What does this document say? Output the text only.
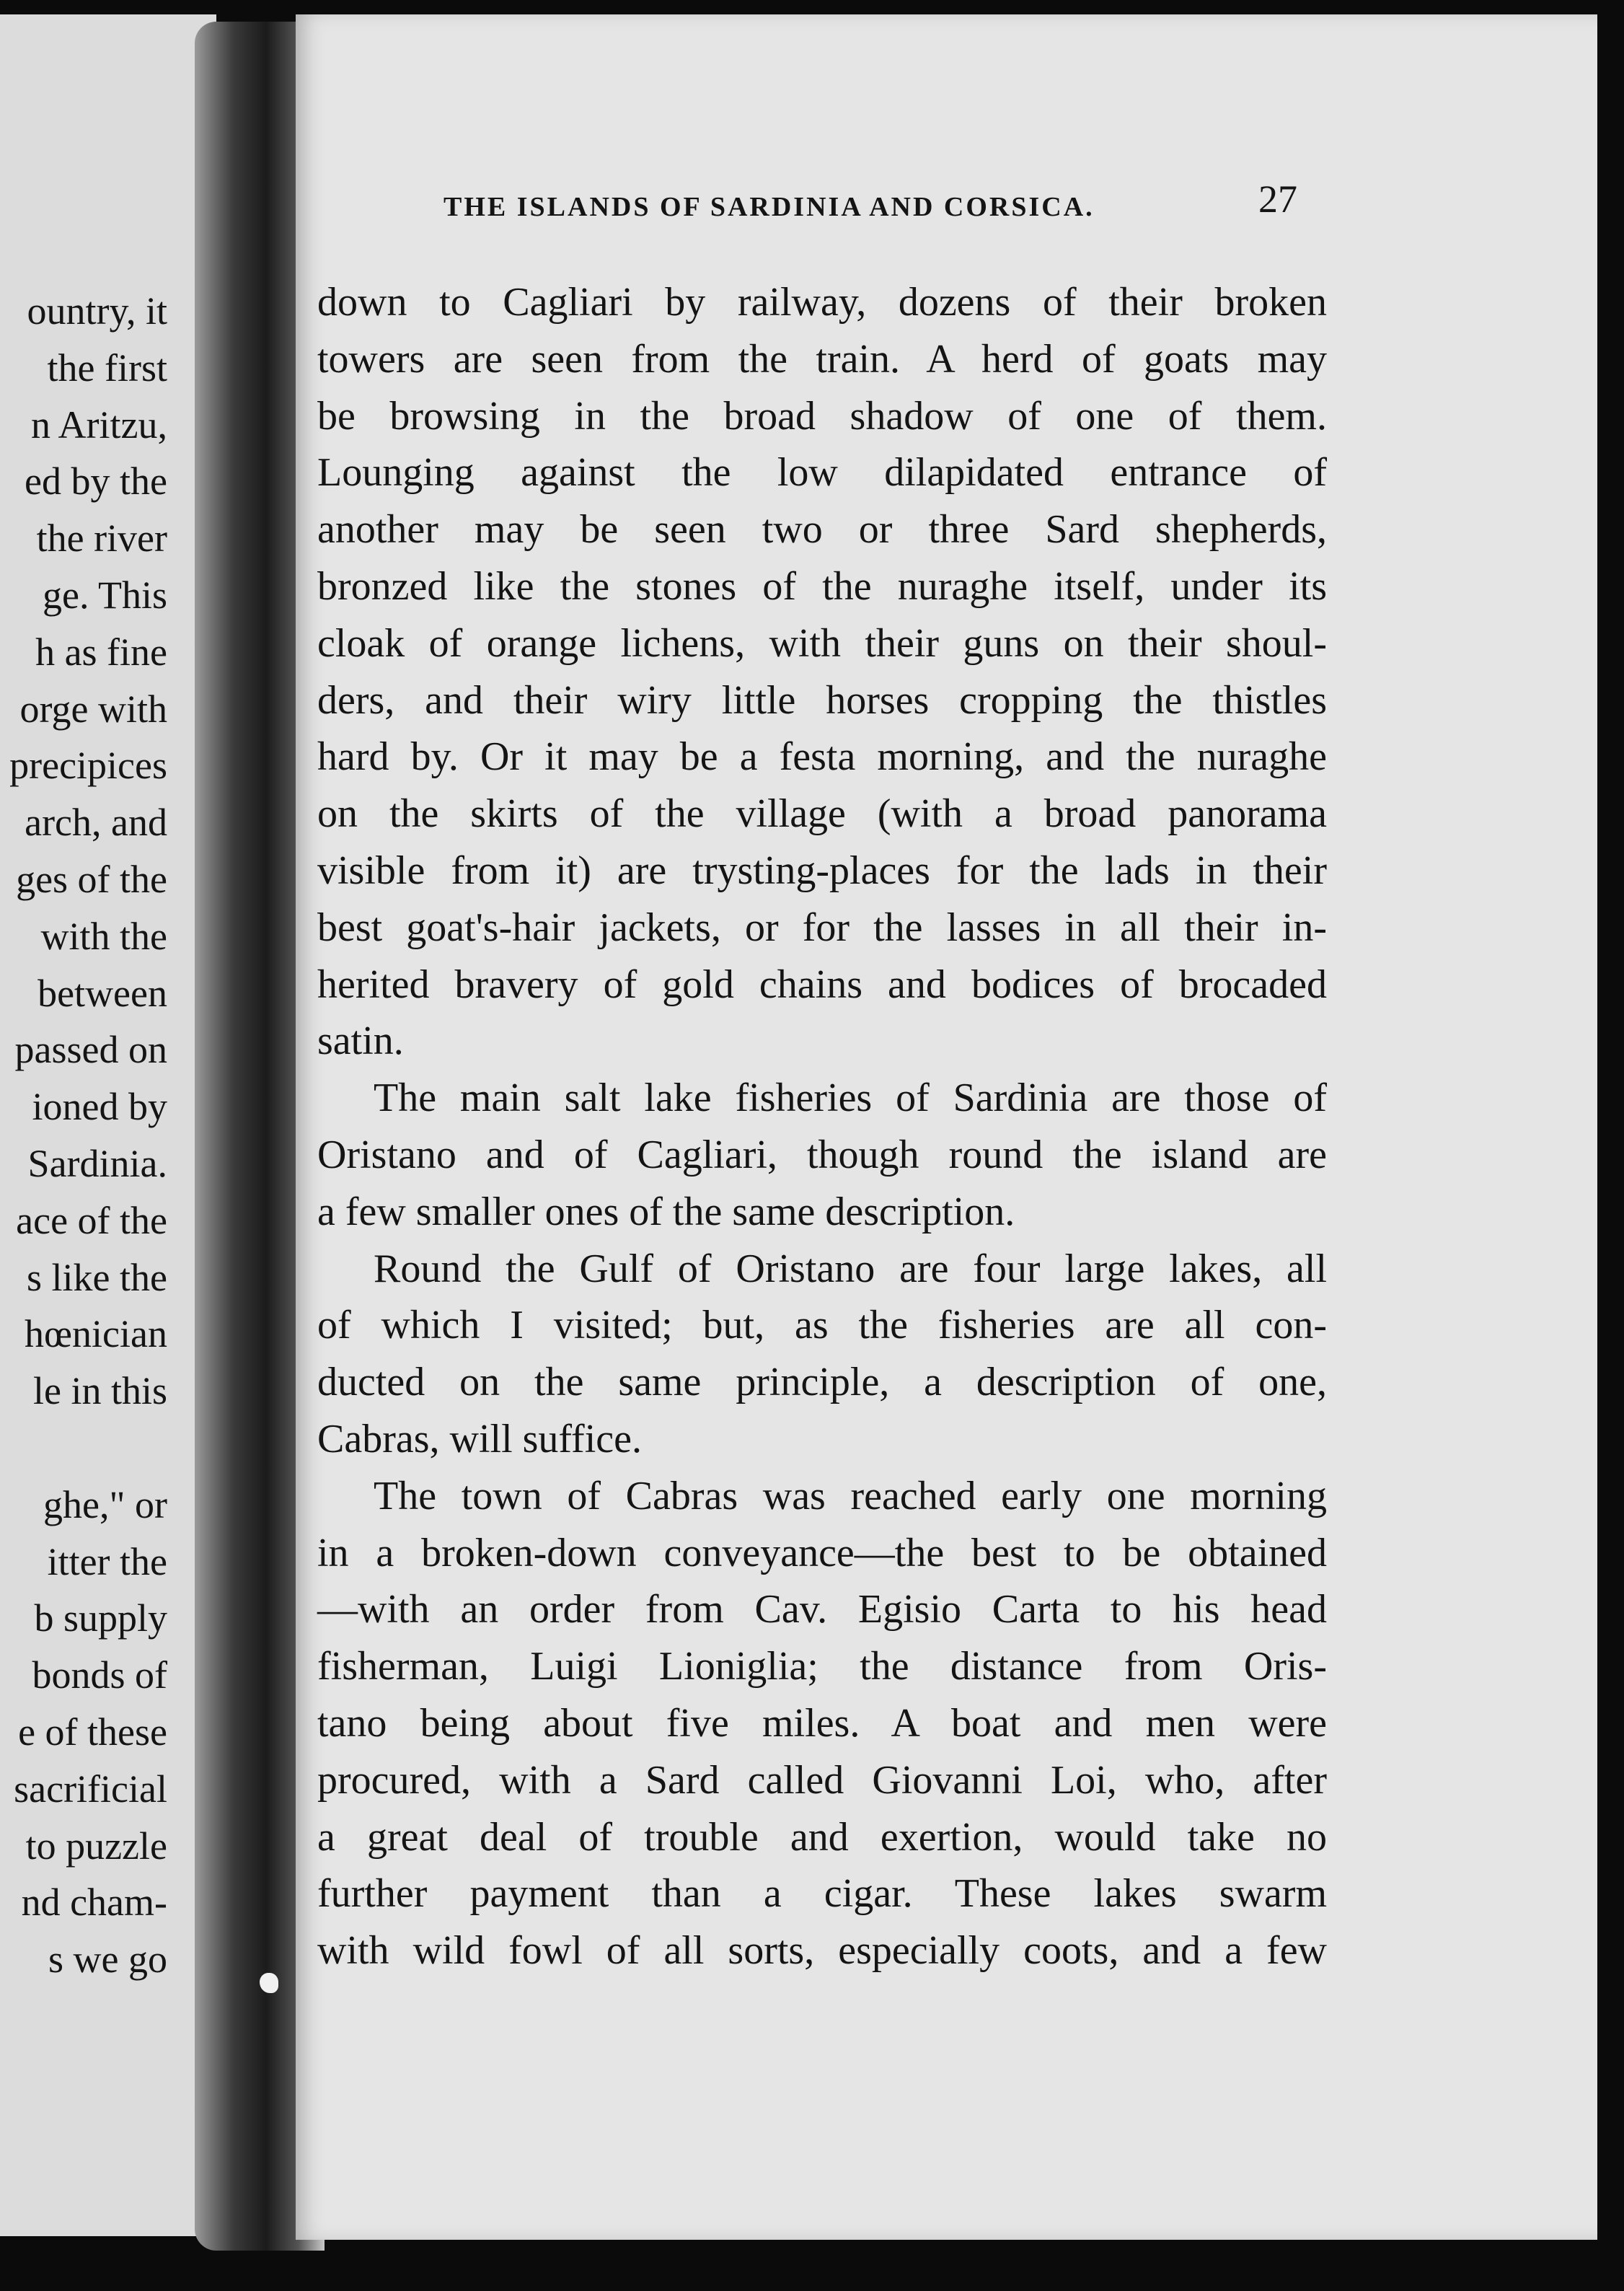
ountry, it
the first
n Aritzu,
ed by the
the river
ge. This
h as fine
orge with
precipices
arch, and
ges of the
with the
between
passed on
ioned by
Sardinia.
ace of the
s like the
hœnician
le in this
ghe," or
itter the
b supply
bonds of
e of these
sacrificial
to puzzle
nd cham-
s we go
THE ISLANDS OF SARDINIA AND CORSICA.	27
down to Cagliari by railway, dozens of their broken
towers are seen from the train. A herd of goats may
be browsing in the broad shadow of one of them.
Lounging against the low dilapidated entrance of
another may be seen two or three Sard shepherds,
bronzed like the stones of the nuraghe itself, under its
cloak of orange lichens, with their guns on their shoul-
ders, and their wiry little horses cropping the thistles
hard by. Or it may be a festa morning, and the nuraghe
on the skirts of the village (with a broad panorama
visible from it) are trysting-places for the lads in their
best goat's-hair jackets, or for the lasses in all their in-
herited bravery of gold chains and bodices of brocaded
satin.
The main salt lake fisheries of Sardinia are those of
Oristano and of Cagliari, though round the island are
a few smaller ones of the same description.
Round the Gulf of Oristano are four large lakes, all
of which I visited; but, as the fisheries are all con-
ducted on the same principle, a description of one,
Cabras, will suffice.
The town of Cabras was reached early one morning
in a broken-down conveyance—the best to be obtained
—with an order from Cav. Egisio Carta to his head
fisherman, Luigi Lioniglia; the distance from Oris-
tano being about five miles. A boat and men were
procured, with a Sard called Giovanni Loi, who, after
a great deal of trouble and exertion, would take no
further payment than a cigar. These lakes swarm
with wild fowl of all sorts, especially coots, and a few
